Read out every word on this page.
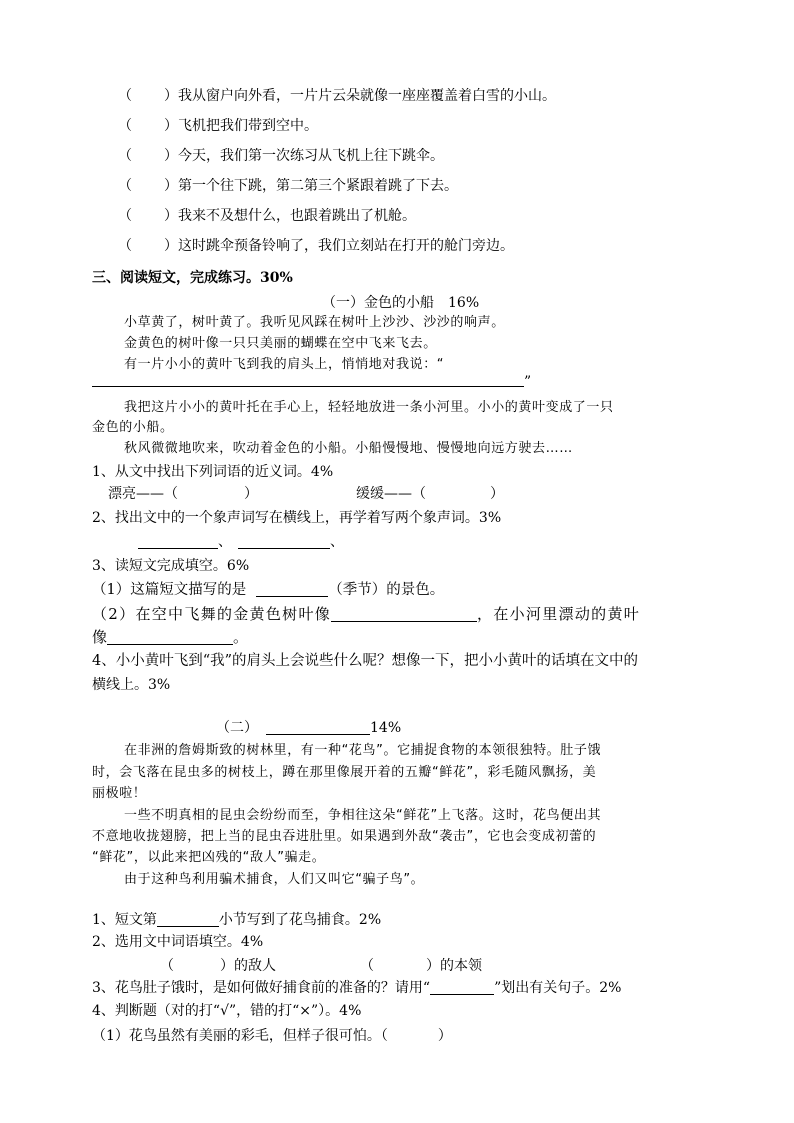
（ ）我从窗户向外看，一片片云朵就像一座座覆盖着白雪的小山。
（ ）飞机把我们带到空中。
（ ）今天，我们第一次练习从飞机上往下跳伞。
（ ）第一个往下跳，第二第三个紧跟着跳了下去。
（ ）我来不及想什么，也跟着跳出了机舱。
（ ）这时跳伞预备铃响了，我们立刻站在打开的舱门旁边。
三、阅读短文，完成练习。30%
（一）金色的小船　16%
小草黄了，树叶黄了。我听见风踩在树叶上沙沙、沙沙的响声。
金黄色的树叶像一只只美丽的蝴蝶在空中飞来飞去。
有一片小小的黄叶飞到我的肩头上，悄悄地对我说：“
”
我把这片小小的黄叶托在手心上，轻轻地放进一条小河里。小小的黄叶变成了一只
金色的小船。
秋风微微地吹来，吹动着金色的小船。小船慢慢地、慢慢地向远方驶去……
1、从文中找出下列词语的近义词。4%
漂亮——（	）	缓缓——（	）
2、找出文中的一个象声词写在横线上，再学着写两个象声词。3%
、	、
3、读短文完成填空。6%
（1）这篇短文描写的是	（季节）的景色。
（2）在空中飞舞的金黄色树叶像	，在小河里漂动的黄叶
像	。
4、小小黄叶飞到“我”的肩头上会说些什么呢？想像一下，把小小黄叶的话填在文中的
横线上。3%
（二）	14%
在非洲的詹姆斯致的树林里，有一种“花鸟”。它捕捉食物的本领很独特。肚子饿
时，会飞落在昆虫多的树枝上，蹲在那里像展开着的五瓣“鲜花”，彩毛随风飘扬，美
丽极啦！
一些不明真相的昆虫会纷纷而至，争相往这朵“鲜花”上飞落。这时，花鸟便出其
不意地收拢翅膀，把上当的昆虫吞进肚里。如果遇到外敌“袭击”，它也会变成初蕾的
“鲜花”，以此来把凶残的“敌人”骗走。
由于这种鸟利用骗术捕食，人们又叫它“骗子鸟”。
1、短文第	小节写到了花鸟捕食。2%
2、选用文中词语填空。4%
（	）的敌人	（	）的本领
3、花鸟肚子饿时，是如何做好捕食前的准备的？请用“	”划出有关句子。2%
4、判断题（对的打“√”，错的打“×”）。4%
（1）花鸟虽然有美丽的彩毛，但样子很可怕。（	）
